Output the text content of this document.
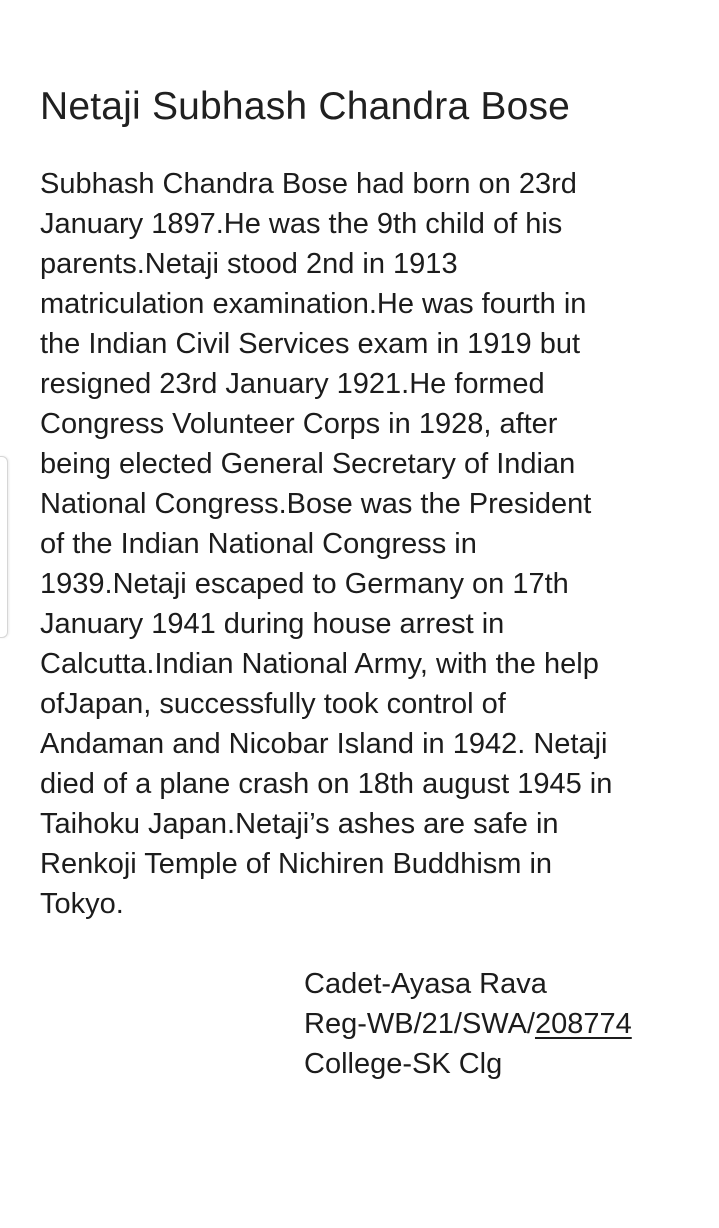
Netaji Subhash Chandra Bose

Subhash Chandra Bose had born on 23rd
January 1897.He was the 9th child of his
parents.Netaji stood 2nd in 1913
matriculation examination.He was fourth in
the Indian Civil Services exam in 1919 but
resigned 23rd January 1921.He formed
Congress Volunteer Corps in 1928, after
being elected General Secretary of Indian
National Congress.Bose was the President
of the Indian National Congress in
1939.Netaji escaped to Germany on 17th
January 1941 during house arrest in
Calcutta.Indian National Army, with the help
ofJapan, successfully took control of
Andaman and Nicobar Island in 1942. Netaji
died of a plane crash on 18th august 1945 in
Taihoku Japan.Netaji’s ashes are safe in
Renkoji Temple of Nichiren Buddhism in
Tokyo.

Cadet-Ayasa Rava
Reg-WB/21/SWA/208774
College-SK Clg
